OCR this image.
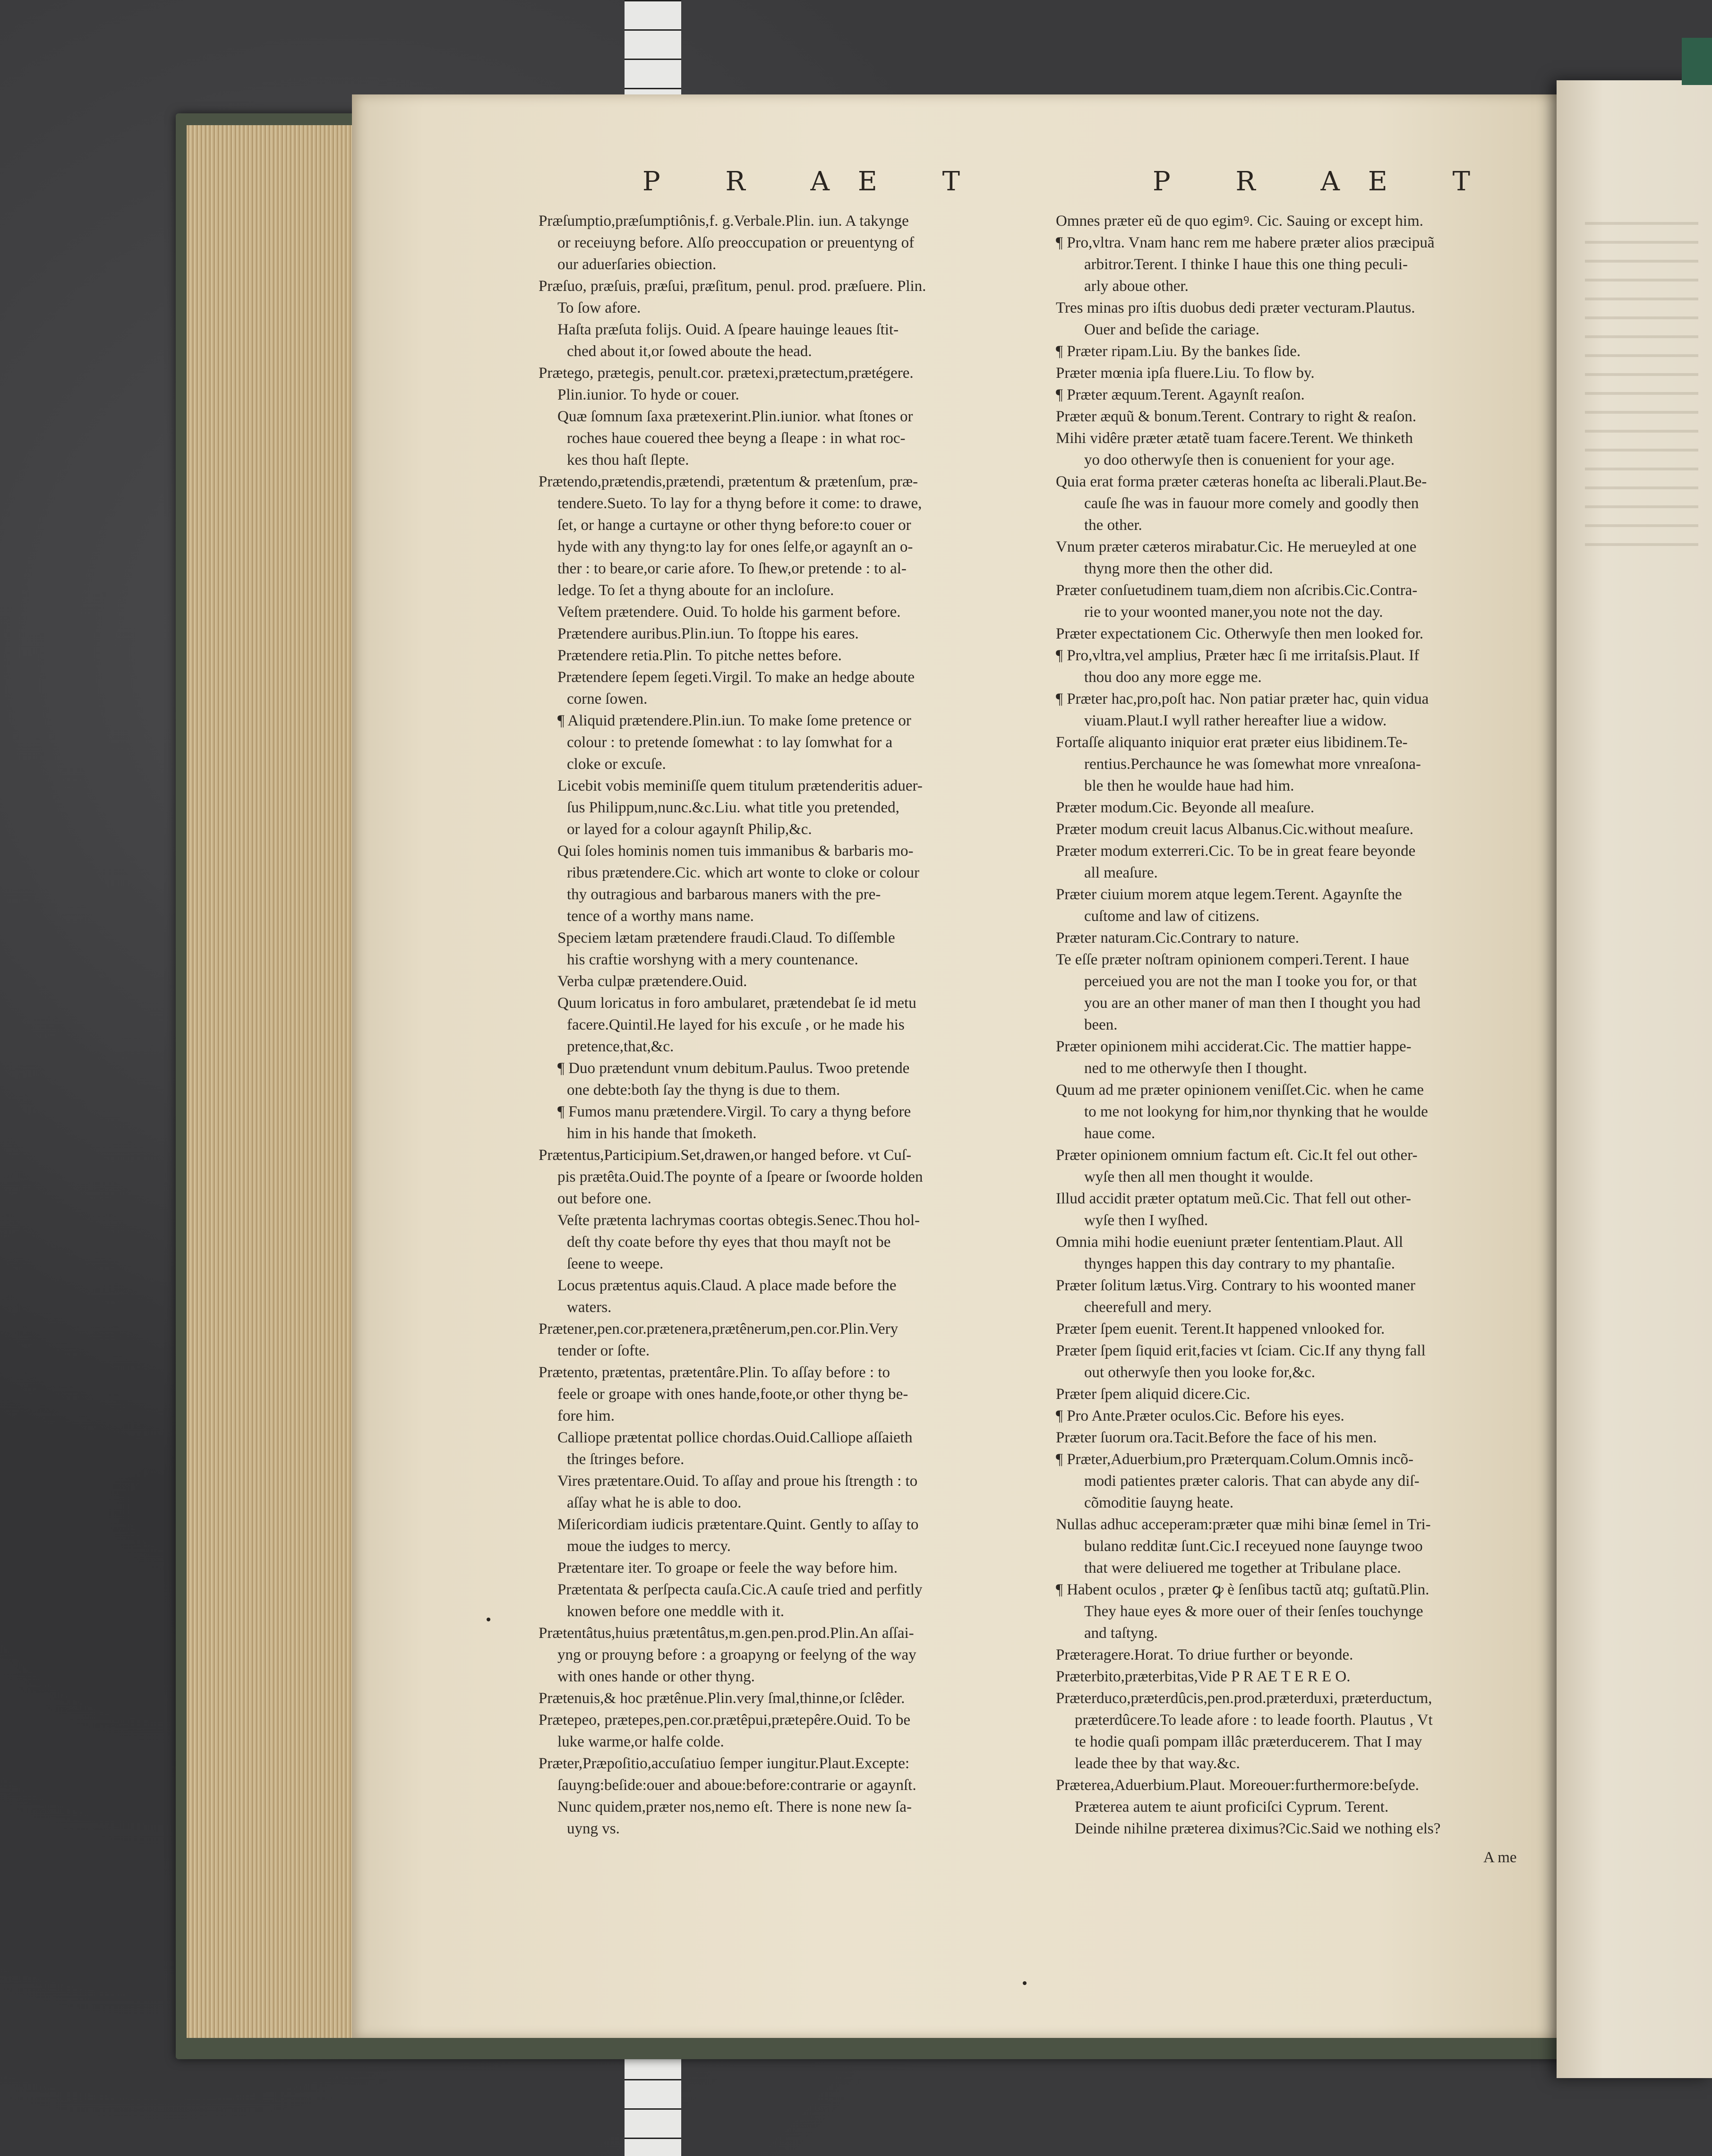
P R AE T	P R AE T
Præſumptio,præſumptiônis,f. g.Verbale.Plin. iun. A takynge
or receiuyng before. Alſo preoccupation or preuentyng of
our aduerſaries obiection.
Præſuo, præſuis, præſui, præſitum, penul. prod. præſuere. Plin.
To ſow afore.
Haſta præſuta folijs. Ouid. A ſpeare hauinge leaues ſtit-
ched about it,or ſowed aboute the head.
Prætego, prætegis, penult.cor. prætexi,prætectum,prætégere.
Plin.iunior. To hyde or couer.
Quæ ſomnum ſaxa prætexerint.Plin.iunior. what ſtones or
roches haue couered thee beyng a ſleape : in what roc-
kes thou haſt ſlepte.
Prætendo,prætendis,prætendi, prætentum & prætenſum, præ-
tendere.Sueto. To lay for a thyng before it come: to drawe,
ſet, or hange a curtayne or other thyng before:to couer or
hyde with any thyng:to lay for ones ſelfe,or agaynſt an o-
ther : to beare,or carie afore. To ſhew,or pretende : to al-
ledge. To ſet a thyng aboute for an incloſure.
Veſtem prætendere. Ouid. To holde his garment before.
Prætendere auribus.Plin.iun. To ſtoppe his eares.
Prætendere retia.Plin. To pitche nettes before.
Prætendere ſepem ſegeti.Virgil. To make an hedge aboute
corne ſowen.
¶ Aliquid prætendere.Plin.iun. To make ſome pretence or
colour : to pretende ſomewhat : to lay ſomwhat for a
cloke or excuſe.
Licebit vobis meminiſſe quem titulum prætenderitis aduer-
ſus Philippum,nunc.&c.Liu. what title you pretended,
or layed for a colour agaynſt Philip,&c.
Qui ſoles hominis nomen tuis immanibus & barbaris mo-
ribus prætendere.Cic. which art wonte to cloke or colour
thy outragious and barbarous maners with the pre-
tence of a worthy mans name.
Speciem lætam prætendere fraudi.Claud. To diſſemble
his craftie worshyng with a mery countenance.
Verba culpæ prætendere.Ouid.
Quum loricatus in foro ambularet, prætendebat ſe id metu
facere.Quintil.He layed for his excuſe , or he made his
pretence,that,&c.
¶ Duo prætendunt vnum debitum.Paulus. Twoo pretende
one debte:both ſay the thyng is due to them.
¶ Fumos manu prætendere.Virgil. To cary a thyng before
him in his hande that ſmoketh.
Prætentus,Participium.Set,drawen,or hanged before. vt Cuſ-
pis prætêta.Ouid.The poynte of a ſpeare or ſwoorde holden
out before one.
Veſte prætenta lachrymas coortas obtegis.Senec.Thou hol-
deſt thy coate before thy eyes that thou mayſt not be
ſeene to weepe.
Locus prætentus aquis.Claud. A place made before the
waters.
Prætener,pen.cor.prætenera,prætênerum,pen.cor.Plin.Very
tender or ſofte.
Prætento, prætentas, prætentâre.Plin. To aſſay before : to
feele or groape with ones hande,foote,or other thyng be-
fore him.
Calliope prætentat pollice chordas.Ouid.Calliope aſſaieth
the ſtringes before.
Vires prætentare.Ouid. To aſſay and proue his ſtrength : to
aſſay what he is able to doo.
Miſericordiam iudicis prætentare.Quint. Gently to aſſay to
moue the iudges to mercy.
Prætentare iter. To groape or feele the way before him.
Prætentata & perſpecta cauſa.Cic.A cauſe tried and perfitly
knowen before one meddle with it.
Prætentâtus,huius prætentâtus,m.gen.pen.prod.Plin.An aſſai-
yng or prouyng before : a groapyng or feelyng of the way
with ones hande or other thyng.
Prætenuis,& hoc prætênue.Plin.very ſmal,thinne,or ſclêder.
Prætepeo, prætepes,pen.cor.prætêpui,prætepêre.Ouid. To be
luke warme,or halfe colde.
Præter,Præpoſitio,accuſatiuo ſemper iungitur.Plaut.Excepte:
ſauyng:beſide:ouer and aboue:before:contrarie or agaynſt.
Nunc quidem,præter nos,nemo eſt. There is none new ſa-
uyng vs.
Omnes præter eũ de quo egimꝰ. Cic. Sauing or except him.
¶ Pro,vltra. Vnam hanc rem me habere præter alios præcipuã
arbitror.Terent. I thinke I haue this one thing peculi-
arly aboue other.
Tres minas pro iſtis duobus dedi præter vecturam.Plautus.
Ouer and beſide the cariage.
¶ Præter ripam.Liu. By the bankes ſide.
Præter mœnia ipſa fluere.Liu. To flow by.
¶ Præter æquum.Terent. Agaynſt reaſon.
Præter æquũ & bonum.Terent. Contrary to right & reaſon.
Mihi vidêre præter ætatẽ tuam facere.Terent. We thinketh
yo doo otherwyſe then is conuenient for your age.
Quia erat forma præter cæteras honeſta ac liberali.Plaut.Be-
cauſe ſhe was in fauour more comely and goodly then
the other.
Vnum præter cæteros mirabatur.Cic. He merueyled at one
thyng more then the other did.
Præter conſuetudinem tuam,diem non aſcribis.Cic.Contra-
rie to your woonted maner,you note not the day.
Præter expectationem Cic. Otherwyſe then men looked for.
¶ Pro,vltra,vel amplius, Præter hæc ſi me irritaſsis.Plaut. If
thou doo any more egge me.
¶ Præter hac,pro,poſt hac. Non patiar præter hac, quin vidua
viuam.Plaut.I wyll rather hereafter liue a widow.
Fortaſſe aliquanto iniquior erat præter eius libidinem.Te-
rentius.Perchaunce he was ſomewhat more vnreaſona-
ble then he woulde haue had him.
Præter modum.Cic. Beyonde all meaſure.
Præter modum creuit lacus Albanus.Cic.without meaſure.
Præter modum exterreri.Cic. To be in great feare beyonde
all meaſure.
Præter ciuium morem atque legem.Terent. Agaynſte the
cuſtome and law of citizens.
Præter naturam.Cic.Contrary to nature.
Te eſſe præter noſtram opinionem comperi.Terent. I haue
perceiued you are not the man I tooke you for, or that
you are an other maner of man then I thought you had
been.
Præter opinionem mihi acciderat.Cic. The mattier happe-
ned to me otherwyſe then I thought.
Quum ad me præter opinionem veniſſet.Cic. when he came
to me not lookyng for him,nor thynking that he woulde
haue come.
Præter opinionem omnium factum eſt. Cic.It fel out other-
wyſe then all men thought it woulde.
Illud accidit præter optatum meũ.Cic. That fell out other-
wyſe then I wyſhed.
Omnia mihi hodie eueniunt præter ſententiam.Plaut. All
thynges happen this day contrary to my phantaſie.
Præter ſolitum lætus.Virg. Contrary to his woonted maner
cheerefull and mery.
Præter ſpem euenit. Terent.It happened vnlooked for.
Præter ſpem ſiquid erit,facies vt ſciam. Cic.If any thyng fall
out otherwyſe then you looke for,&c.
Præter ſpem aliquid dicere.Cic.
¶ Pro Ante.Præter oculos.Cic. Before his eyes.
Præter ſuorum ora.Tacit.Before the face of his men.
¶ Præter,Aduerbium,pro Præterquam.Colum.Omnis incõ-
modi patientes præter caloris. That can abyde any diſ-
cõmoditie ſauyng heate.
Nullas adhuc acceperam:præter quæ mihi binæ ſemel in Tri-
bulano redditæ ſunt.Cic.I receyued none ſauynge twoo
that were deliuered me together at Tribulane place.
¶ Habent oculos , præter ꝙ è ſenſibus tactũ atq; guſtatũ.Plin.
They haue eyes & more ouer of their ſenſes touchynge
and taſtyng.
Præteragere.Horat. To driue further or beyonde.
Præterbito,præterbitas,Vide P R AE T E R E O.
Præterduco,præterdûcis,pen.prod.præterduxi, præterductum,
præterdûcere.To leade afore : to leade foorth. Plautus , Vt
te hodie quaſi pompam illâc præterducerem. That I may
leade thee by that way.&c.
Præterea,Aduerbium.Plaut. Moreouer:furthermore:beſyde.
Præterea autem te aiunt proficiſci Cyprum. Terent.
Deinde nihilne præterea diximus?Cic.Said we nothing els?
A me
